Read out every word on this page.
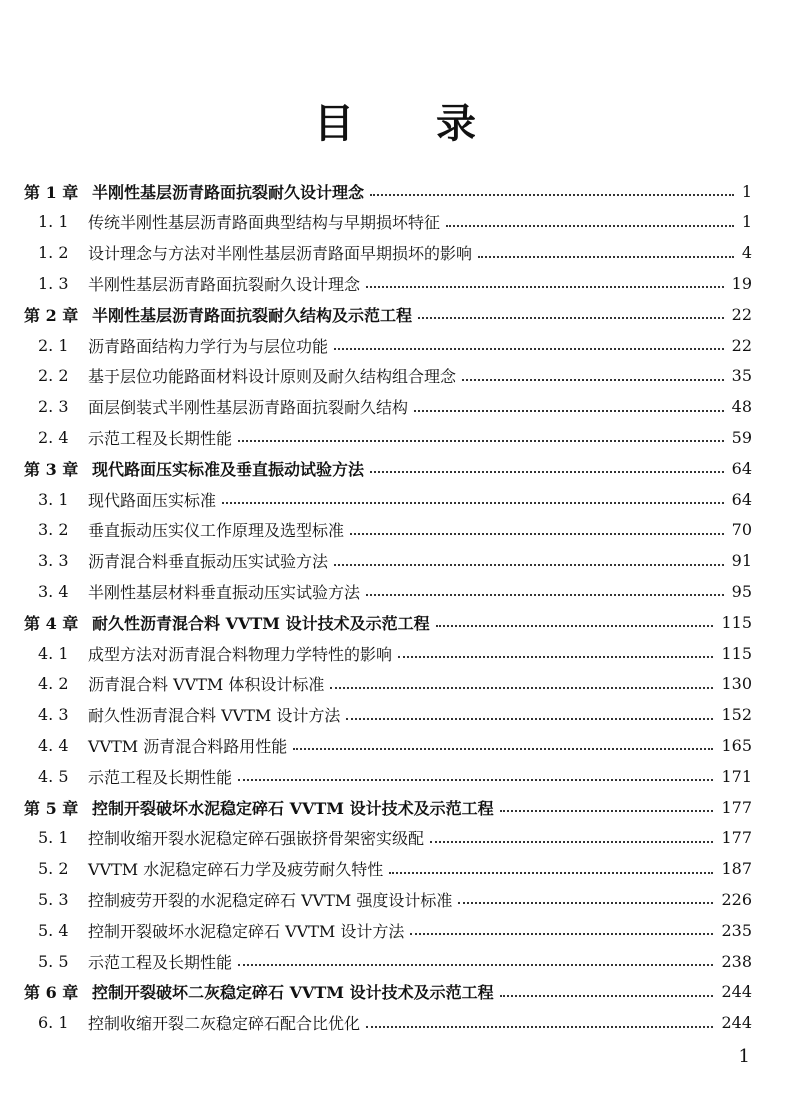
目 录
第 1 章 半刚性基层沥青路面抗裂耐久设计理念	1
1. 1 传统半刚性基层沥青路面典型结构与早期损坏特征	1
1. 2 设计理念与方法对半刚性基层沥青路面早期损坏的影响	4
1. 3 半刚性基层沥青路面抗裂耐久设计理念	19
第 2 章 半刚性基层沥青路面抗裂耐久结构及示范工程	22
2. 1 沥青路面结构力学行为与层位功能	22
2. 2 基于层位功能路面材料设计原则及耐久结构组合理念	35
2. 3 面层倒装式半刚性基层沥青路面抗裂耐久结构	48
2. 4 示范工程及长期性能	59
第 3 章 现代路面压实标准及垂直振动试验方法	64
3. 1 现代路面压实标准	64
3. 2 垂直振动压实仪工作原理及选型标准	70
3. 3 沥青混合料垂直振动压实试验方法	91
3. 4 半刚性基层材料垂直振动压实试验方法	95
第 4 章 耐久性沥青混合料 VVTM 设计技术及示范工程	115
4. 1 成型方法对沥青混合料物理力学特性的影响	115
4. 2 沥青混合料 VVTM 体积设计标准	130
4. 3 耐久性沥青混合料 VVTM 设计方法	152
4. 4 VVTM 沥青混合料路用性能	165
4. 5 示范工程及长期性能	171
第 5 章 控制开裂破坏水泥稳定碎石 VVTM 设计技术及示范工程	177
5. 1 控制收缩开裂水泥稳定碎石强嵌挤骨架密实级配	177
5. 2 VVTM 水泥稳定碎石力学及疲劳耐久特性	187
5. 3 控制疲劳开裂的水泥稳定碎石 VVTM 强度设计标准	226
5. 4 控制开裂破坏水泥稳定碎石 VVTM 设计方法	235
5. 5 示范工程及长期性能	238
第 6 章 控制开裂破坏二灰稳定碎石 VVTM 设计技术及示范工程	244
6. 1 控制收缩开裂二灰稳定碎石配合比优化	244
1
